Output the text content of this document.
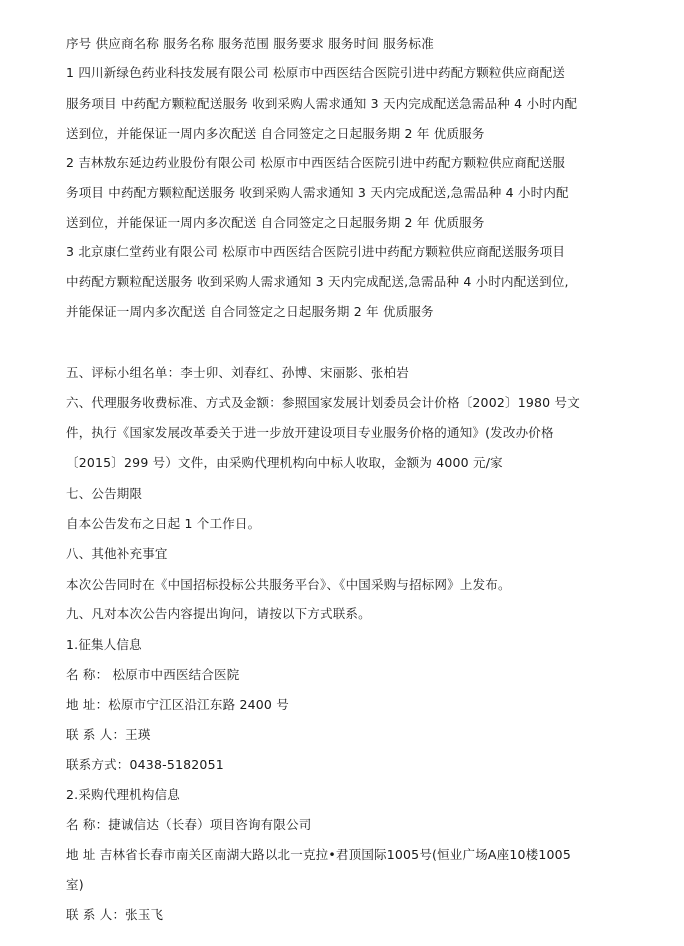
序号 供应商名称 服务名称 服务范围 服务要求 服务时间 服务标准
1 四川新绿色药业科技发展有限公司 松原市中西医结合医院引进中药配方颗粒供应商配送
服务项目 中药配方颗粒配送服务 收到采购人需求通知 3 天内完成配送急需品种 4 小时内配
送到位，并能保证一周内多次配送 自合同签定之日起服务期 2 年 优质服务
2 吉林敖东延边药业股份有限公司 松原市中西医结合医院引进中药配方颗粒供应商配送服
务项目 中药配方颗粒配送服务 收到采购人需求通知 3 天内完成配送,急需品种 4 小时内配
送到位，并能保证一周内多次配送 自合同签定之日起服务期 2 年 优质服务
3 北京康仁堂药业有限公司 松原市中西医结合医院引进中药配方颗粒供应商配送服务项目
中药配方颗粒配送服务 收到采购人需求通知 3 天内完成配送,急需品种 4 小时内配送到位,
并能保证一周内多次配送 自合同签定之日起服务期 2 年 优质服务
五、评标小组名单：李士卯、刘春红、孙博、宋丽影、张柏岩
六、代理服务收费标准、方式及金额：参照国家发展计划委员会计价格〔2002〕1980 号文
件，执行《国家发展改革委关于进一步放开建设项目专业服务价格的通知》(发改办价格
〔2015〕299 号）文件，由采购代理机构向中标人收取，金额为 4000 元/家
七、公告期限
自本公告发布之日起 1 个工作日。
八、其他补充事宜
本次公告同时在《中国招标投标公共服务平台》、《中国采购与招标网》上发布。
九、凡对本次公告内容提出询问，请按以下方式联系。
1.征集人信息
名 称： 松原市中西医结合医院
地 址：松原市宁江区沿江东路 2400 号
联 系 人：王瑛
联系方式：0438-5182051
2.采购代理机构信息
名 称：捷诚信达（长春）项目咨询有限公司
地 址 吉林省长春市南关区南湖大路以北一克拉•君顶国际1005号(恒业广场A座10楼1005
室)
联 系 人：张玉飞
